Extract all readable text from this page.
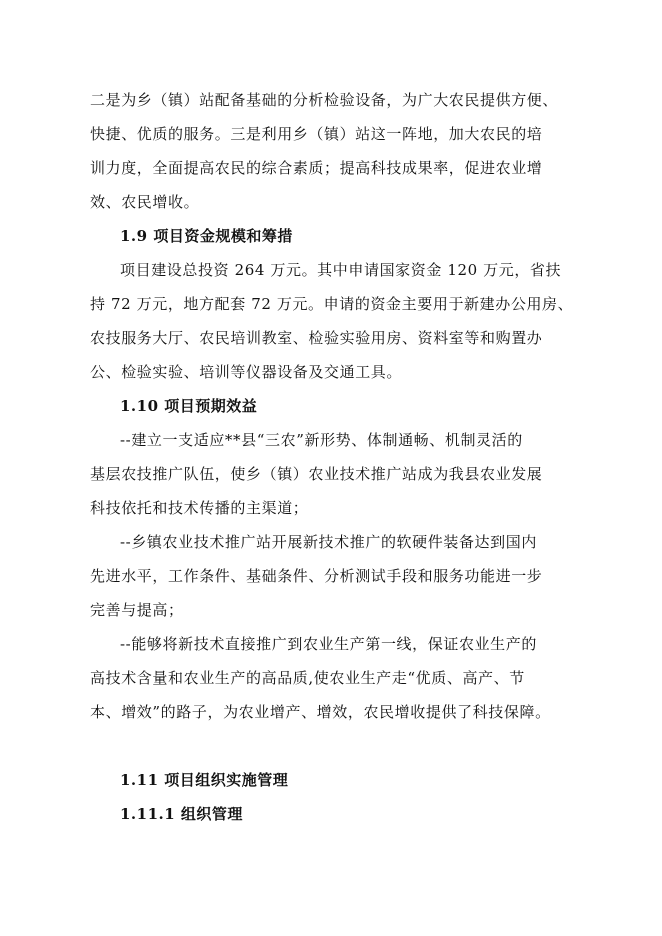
二是为乡（镇）站配备基础的分析检验设备，为广大农民提供方便、
快捷、优质的服务。三是利用乡（镇）站这一阵地，加大农民的培
训力度，全面提高农民的综合素质；提高科技成果率，促进农业增
效、农民增收。
1.9 项目资金规模和筹措
项目建设总投资 264 万元。其中申请国家资金 120 万元，省扶
持 72 万元，地方配套 72 万元。申请的资金主要用于新建办公用房、
农技服务大厅、农民培训教室、检验实验用房、资料室等和购置办
公、检验实验、培训等仪器设备及交通工具。
1.10 项目预期效益
--建立一支适应**县“三农”新形势、体制通畅、机制灵活的
基层农技推广队伍，使乡（镇）农业技术推广站成为我县农业发展
科技依托和技术传播的主渠道；
--乡镇农业技术推广站开展新技术推广的软硬件装备达到国内
先进水平，工作条件、基础条件、分析测试手段和服务功能进一步
完善与提高；
--能够将新技术直接推广到农业生产第一线，保证农业生产的
高技术含量和农业生产的高品质,使农业生产走“优质、高产、节
本、增效”的路子，为农业增产、增效，农民增收提供了科技保障。
1.11 项目组织实施管理
1.11.1 组织管理
